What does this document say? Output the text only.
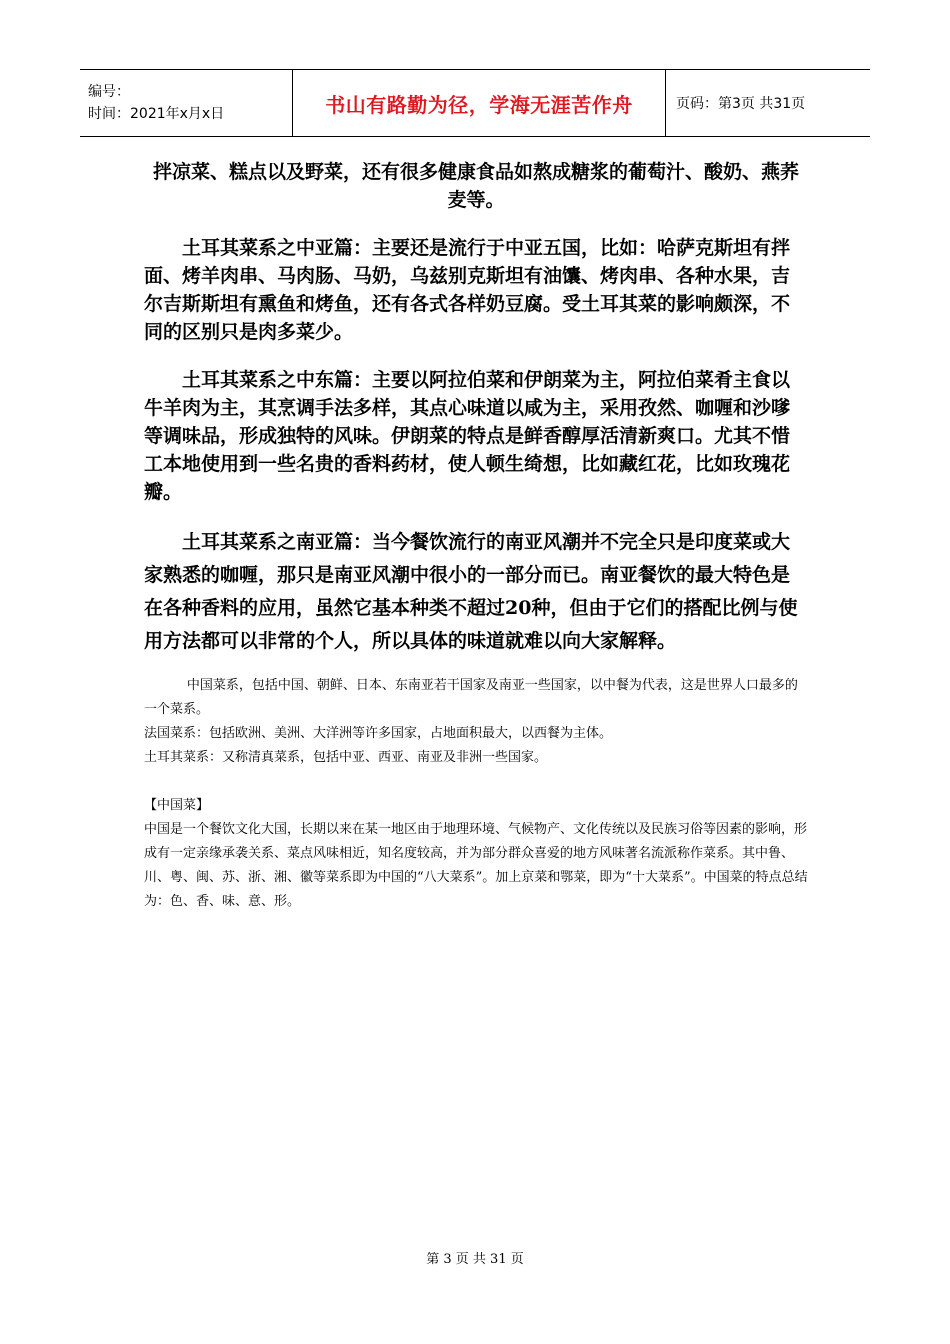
编号：
时间：2021年x月x日	书山有路勤为径，学海无涯苦作舟	页码：第3页 共31页

拌凉菜、糕点以及野菜，还有很多健康食品如熬成糖浆的葡萄汁、酸奶、燕荞麦等。

土耳其菜系之中亚篇：主要还是流行于中亚五国，比如：哈萨克斯坦有拌面、烤羊肉串、马肉肠、马奶，乌兹别克斯坦有油馕、烤肉串、各种水果，吉尔吉斯斯坦有熏鱼和烤鱼，还有各式各样奶豆腐。受土耳其菜的影响颇深，不同的区别只是肉多菜少。

土耳其菜系之中东篇：主要以阿拉伯菜和伊朗菜为主，阿拉伯菜肴主食以牛羊肉为主，其烹调手法多样，其点心味道以咸为主，采用孜然、咖喱和沙嗲等调味品，形成独特的风味。伊朗菜的特点是鲜香醇厚活清新爽口。尤其不惜工本地使用到一些名贵的香料药材，使人顿生绮想，比如藏红花，比如玫瑰花瓣。

土耳其菜系之南亚篇：当今餐饮流行的南亚风潮并不完全只是印度菜或大家熟悉的咖喱，那只是南亚风潮中很小的一部分而已。南亚餐饮的最大特色是在各种香料的应用，虽然它基本种类不超过20种，但由于它们的搭配比例与使用方法都可以非常的个人，所以具体的味道就难以向大家解释。

中国菜系，包括中国、朝鲜、日本、东南亚若干国家及南亚一些国家，以中餐为代表，这是世界人口最多的一个菜系。

法国菜系：包括欧洲、美洲、大洋洲等许多国家，占地面积最大，以西餐为主体。

土耳其菜系：又称清真菜系，包括中亚、西亚、南亚及非洲一些国家。

【中国菜】

中国是一个餐饮文化大国，长期以来在某一地区由于地理环境、气候物产、文化传统以及民族习俗等因素的影响，形成有一定亲缘承袭关系、菜点风味相近，知名度较高，并为部分群众喜爱的地方风味著名流派称作菜系。其中鲁、川、粤、闽、苏、浙、湘、徽等菜系即为中国的“八大菜系”。加上京菜和鄂菜，即为“十大菜系”。中国菜的特点总结为：色、香、味、意、形。

第 3 页 共 31 页
